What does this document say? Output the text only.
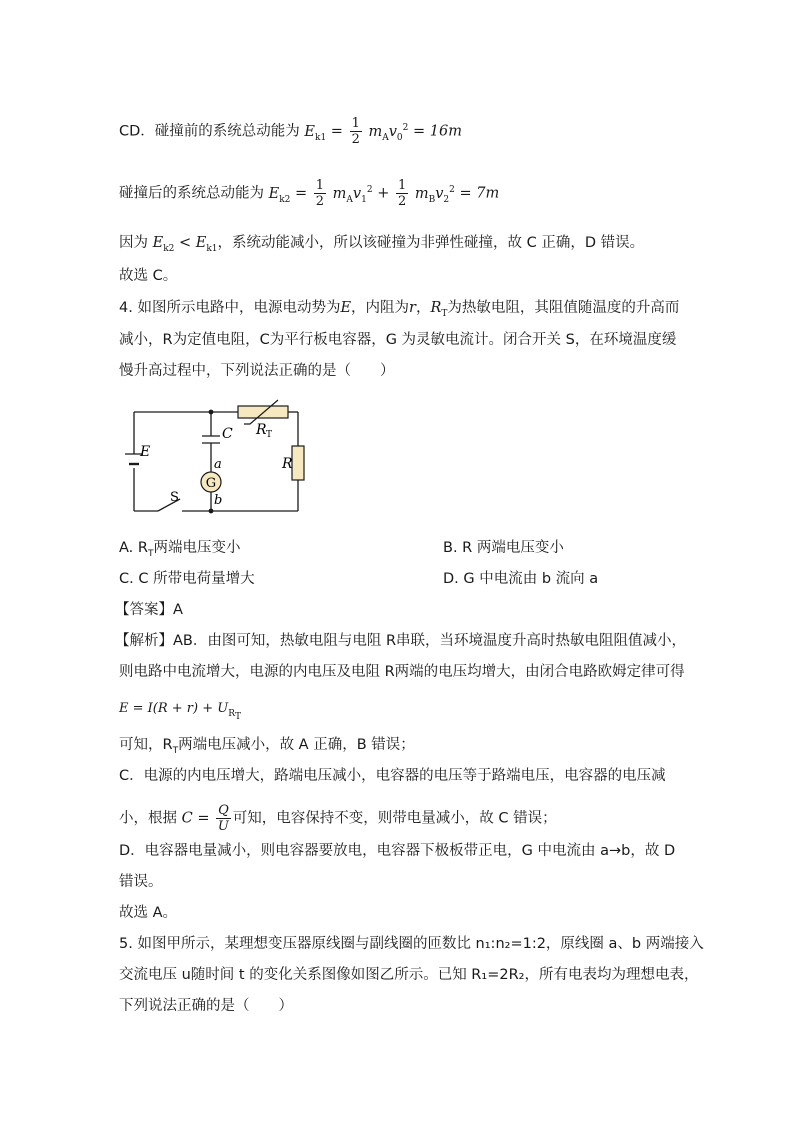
CD．碰撞前的系统总动能为 $E_{k1} = \frac{1}{2} m_Av_0^2 = 16m$
碰撞后的系统总动能为 $E_{k2} = \frac{1}{2} m_Av_1^2 + \frac{1}{2} m_Bv_2^2 = 7m$
因为 $E_{k2} < E_{k1}$，系统动能减小，所以该碰撞为非弹性碰撞，故 C 正确，D 错误。
故选 C。
4. 如图所示电路中，电源电动势为E，内阻为r，$R_T$为热敏电阻，其阻值随温度的升高而
减小，R为定值电阻，C为平行板电容器，G 为灵敏电流计。闭合开关 S，在环境温度缓
慢升高过程中，下列说法正确的是（　　）
G
E
C R T
R
a
b
S
A. $R_T$两端电压变小	B. R 两端电压变小
C. C 所带电荷量增大	D. G 中电流由 b 流向 a
【答案】A
【解析】AB．由图可知，热敏电阻与电阻 R串联，当环境温度升高时热敏电阻阻值减小，
则电路中电流增大，电源的内电压及电阻 R两端的电压均增大，由闭合电路欧姆定律可得
$E = I(R + r) + U_{R_T}$
可知，$R_T$两端电压减小，故 A 正确，B 错误；
C．电源的内电压增大，路端电压减小，电容器的电压等于路端电压，电容器的电压减
小，根据 $C = \frac{Q}{U}$ 可知，电容保持不变，则带电量减小，故 C 错误；
D．电容器电量减小，则电容器要放电，电容器下极板带正电，G 中电流由 a→b，故 D
错误。
故选 A。
5. 如图甲所示，某理想变压器原线圈与副线圈的匝数比 n₁:n₂=1:2，原线圈 a、b 两端接入
交流电压 u随时间 t 的变化关系图像如图乙所示。已知 R₁=2R₂，所有电表均为理想电表，
下列说法正确的是（　　）
